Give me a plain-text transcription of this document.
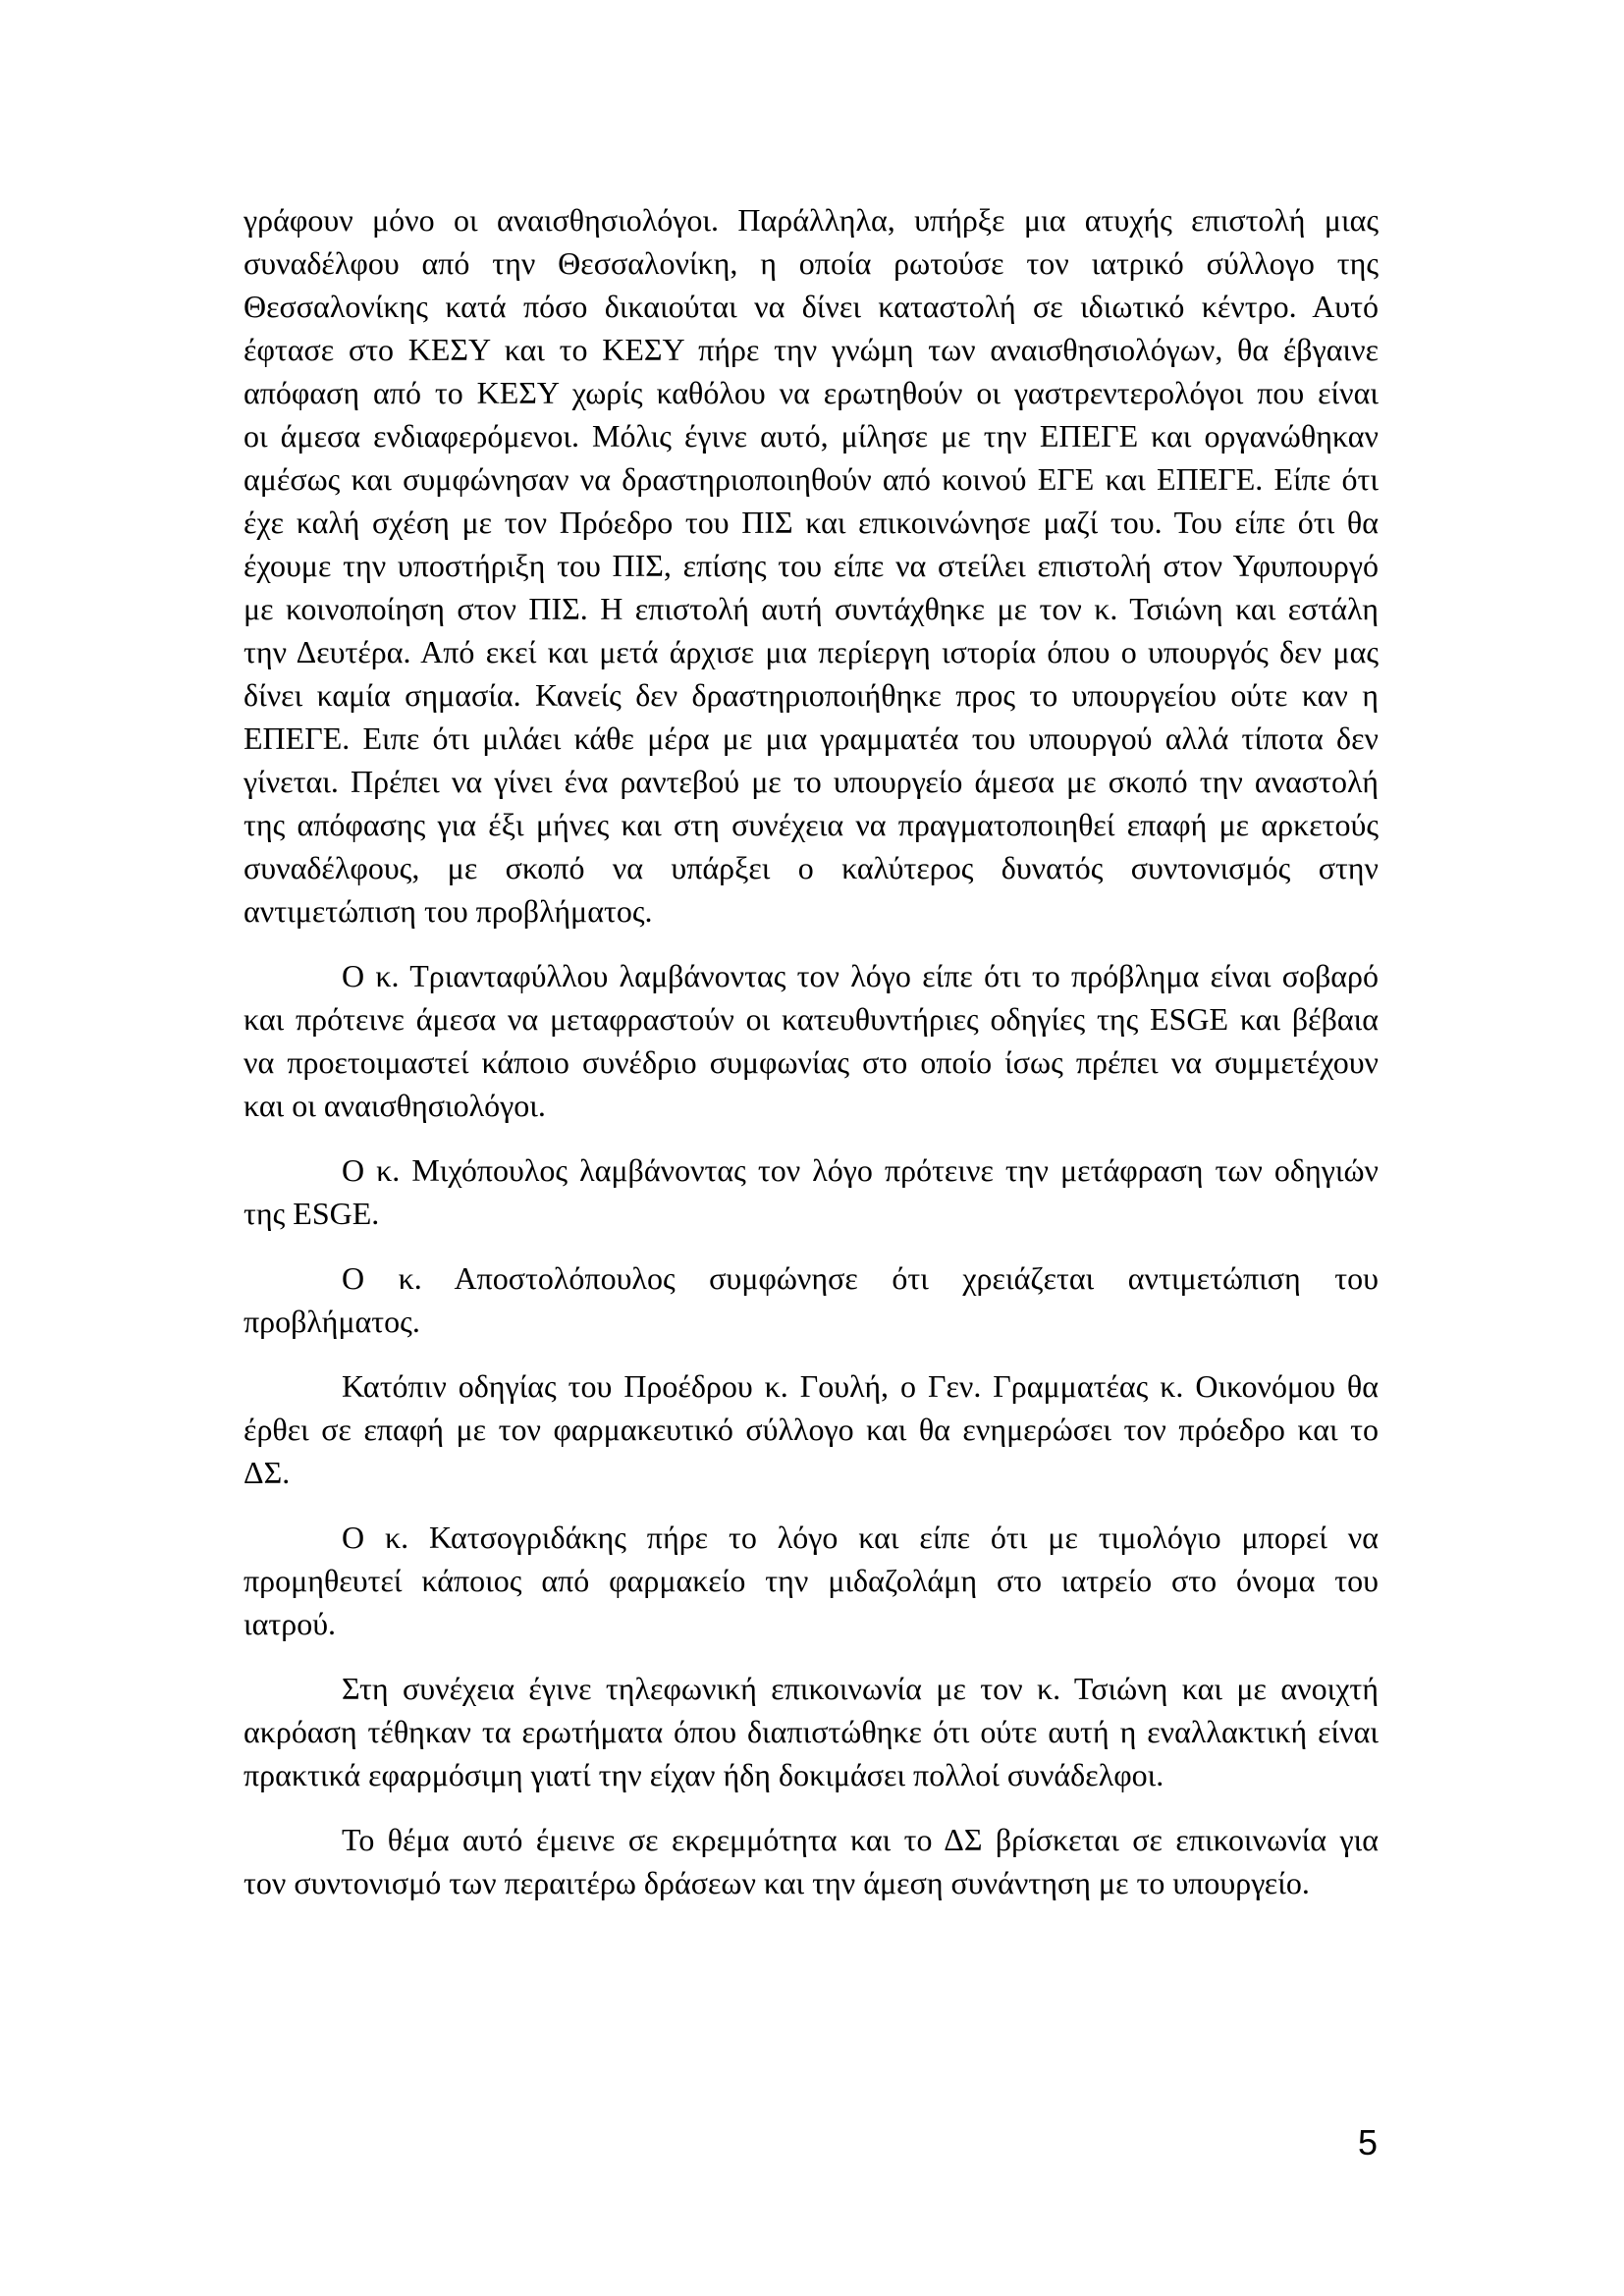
γράφουν μόνο οι αναισθησιολόγοι. Παράλληλα, υπήρξε μια ατυχής επιστολή μιας
συναδέλφου από την Θεσσαλονίκη, η οποία ρωτούσε τον ιατρικό σύλλογο της
Θεσσαλονίκης κατά πόσο δικαιούται να δίνει καταστολή σε ιδιωτικό κέντρο. Αυτό
έφτασε στο ΚΕΣΥ και το ΚΕΣΥ πήρε την γνώμη των αναισθησιολόγων, θα έβγαινε
απόφαση από το ΚΕΣΥ χωρίς καθόλου να ερωτηθούν οι γαστρεντερολόγοι που είναι
οι άμεσα ενδιαφερόμενοι. Μόλις έγινε αυτό, μίλησε με την ΕΠΕΓΕ και οργανώθηκαν
αμέσως και συμφώνησαν να δραστηριοποιηθούν από κοινού ΕΓΕ και ΕΠΕΓΕ. Είπε ότι
έχε καλή σχέση με τον Πρόεδρο του ΠΙΣ και επικοινώνησε μαζί του. Του είπε ότι θα
έχουμε την υποστήριξη του ΠΙΣ, επίσης του είπε να στείλει επιστολή στον Υφυπουργό
με κοινοποίηση στον ΠΙΣ. Η επιστολή αυτή συντάχθηκε με τον κ. Τσιώνη και εστάλη
την Δευτέρα. Από εκεί και μετά άρχισε μια περίεργη ιστορία όπου ο υπουργός δεν μας
δίνει καμία σημασία. Κανείς δεν δραστηριοποιήθηκε προς το υπουργείου ούτε καν η
ΕΠΕΓΕ. Ειπε ότι μιλάει κάθε μέρα με μια γραμματέα του υπουργού αλλά τίποτα δεν
γίνεται. Πρέπει να γίνει ένα ραντεβού με το υπουργείο άμεσα με σκοπό την αναστολή
της απόφασης για έξι μήνες και στη συνέχεια να πραγματοποιηθεί επαφή με αρκετούς
συναδέλφους, με σκοπό να υπάρξει ο καλύτερος δυνατός συντονισμός στην
αντιμετώπιση του προβλήματος.
Ο κ. Τριανταφύλλου λαμβάνοντας τον λόγο είπε ότι το πρόβλημα είναι σοβαρό
και πρότεινε άμεσα να μεταφραστούν οι κατευθυντήριες οδηγίες της ESGE και βέβαια
να προετοιμαστεί κάποιο συνέδριο συμφωνίας στο οποίο ίσως πρέπει να συμμετέχουν
και οι αναισθησιολόγοι.
Ο κ. Μιχόπουλος λαμβάνοντας τον λόγο πρότεινε την μετάφραση των οδηγιών
της ESGE.
Ο κ. Αποστολόπουλος συμφώνησε ότι χρειάζεται αντιμετώπιση του
προβλήματος.
Κατόπιν οδηγίας του Προέδρου κ. Γουλή, ο Γεν. Γραμματέας κ. Οικονόμου θα
έρθει σε επαφή με τον φαρμακευτικό σύλλογο και θα ενημερώσει τον πρόεδρο και το
ΔΣ.
Ο κ. Κατσογριδάκης πήρε το λόγο και είπε ότι με τιμολόγιο μπορεί να
προμηθευτεί κάποιος από φαρμακείο την μιδαζολάμη στο ιατρείο στο όνομα του
ιατρού.
Στη συνέχεια έγινε τηλεφωνική επικοινωνία με τον κ. Τσιώνη και με ανοιχτή
ακρόαση τέθηκαν τα ερωτήματα όπου διαπιστώθηκε ότι ούτε αυτή η εναλλακτική είναι
πρακτικά εφαρμόσιμη γιατί την είχαν ήδη δοκιμάσει πολλοί συνάδελφοι.
Το θέμα αυτό έμεινε σε εκρεμμότητα και το ΔΣ βρίσκεται σε επικοινωνία για
τον συντονισμό των περαιτέρω δράσεων και την άμεση συνάντηση με το υπουργείο.
5
